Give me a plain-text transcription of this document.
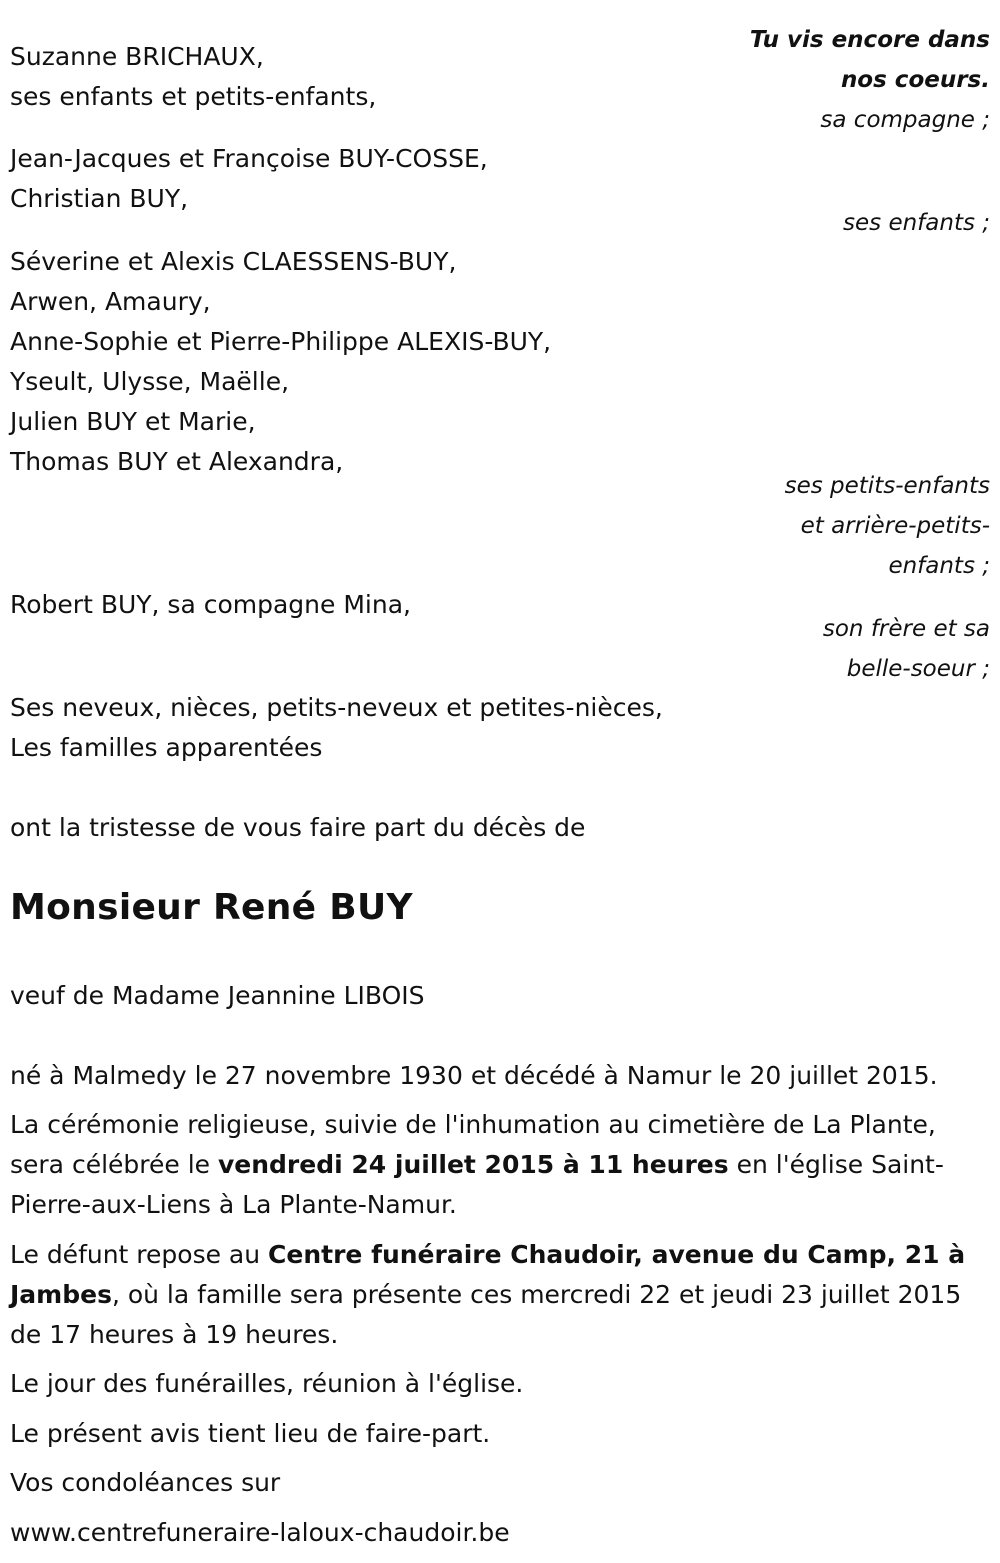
Tu vis encore dans
nos coeurs.
Suzanne BRICHAUX,
ses enfants et petits-enfants,
sa compagne ;
Jean-Jacques et Françoise BUY-COSSE,
Christian BUY,
ses enfants ;
Séverine et Alexis CLAESSENS-BUY,
Arwen, Amaury,
Anne-Sophie et Pierre-Philippe ALEXIS-BUY,
Yseult, Ulysse, Maëlle,
Julien BUY et Marie,
Thomas BUY et Alexandra,
ses petits-enfants
et arrière-petits-
enfants ;
Robert BUY, sa compagne Mina,
son frère et sa
belle-soeur ;
Ses neveux, nièces, petits-neveux et petites-nièces,
Les familles apparentées
ont la tristesse de vous faire part du décès de
Monsieur René BUY
veuf de Madame Jeannine LIBOIS
né à Malmedy le 27 novembre 1930 et décédé à Namur le 20 juillet 2015.
La cérémonie religieuse, suivie de l'inhumation au cimetière de La Plante, sera célébrée le vendredi 24 juillet 2015 à 11 heures en l'église Saint-Pierre-aux-Liens à La Plante-Namur.
Le défunt repose au Centre funéraire Chaudoir, avenue du Camp, 21 à Jambes, où la famille sera présente ces mercredi 22 et jeudi 23 juillet 2015 de 17 heures à 19 heures.
Le jour des funérailles, réunion à l'église.
Le présent avis tient lieu de faire-part.
Vos condoléances sur
www.centrefuneraire-laloux-chaudoir.be
